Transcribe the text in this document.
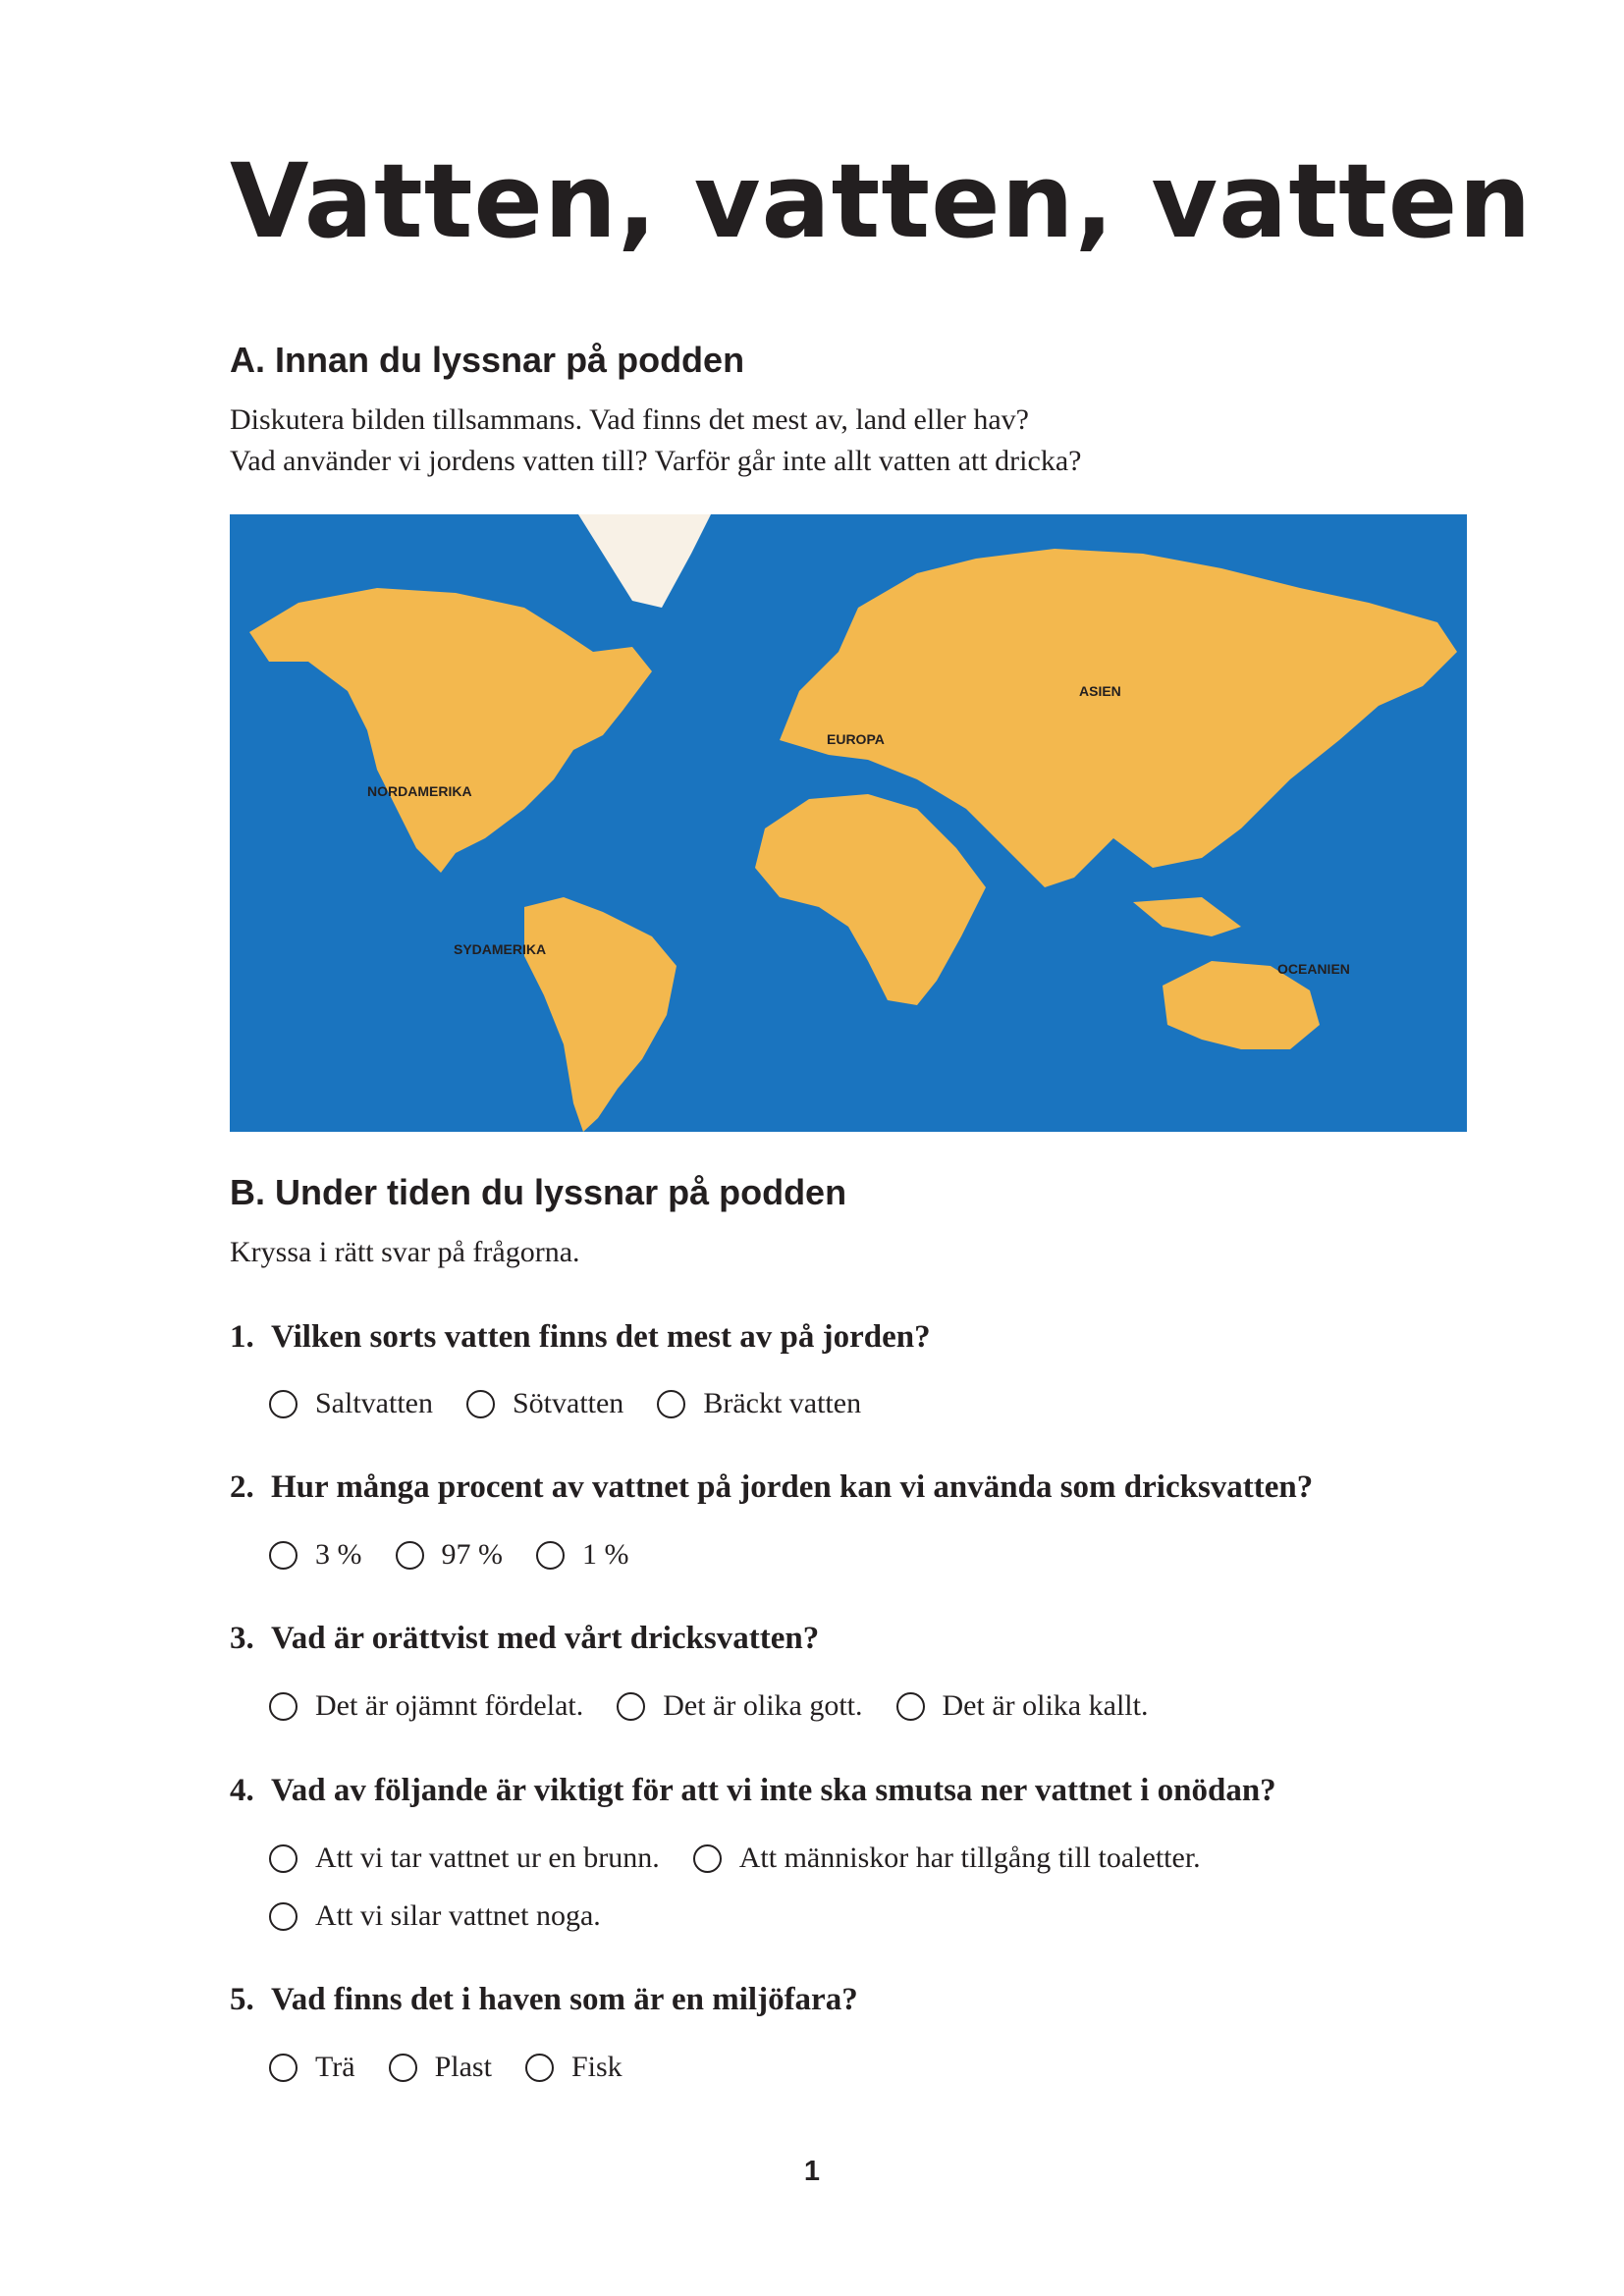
Vatten, vatten, vatten
A. Innan du lyssnar på podden

Diskutera bilden tillsammans. Vad finns det mest av, land eller hav?

Vad använder vi jordens vatten till? Varför går inte allt vatten att dricka?

NORDAMERIKA
SYDAMERIKA
EUROPA
ASIEN
OCEANIEN
B. Under tiden du lyssnar på podden

Kryssa i rätt svar på frågorna.

1. Vilken sorts vatten finns det mest av på jorden?

Saltvatten	Sötvatten	Bräckt vatten

2. Hur många procent av vattnet på jorden kan vi använda som dricksvatten?

3 %	97 %	1 %

3. Vad är orättvist med vårt dricksvatten?

Det är ojämnt fördelat.	Det är olika gott.	Det är olika kallt.

4. Vad av följande är viktigt för att vi inte ska smutsa ner vattnet i onödan?

Att vi tar vattnet ur en brunn.	Att människor har tillgång till toaletter.
Att vi silar vattnet noga.

5. Vad finns det i haven som är en miljöfara?

Trä	Plast	Fisk
1
